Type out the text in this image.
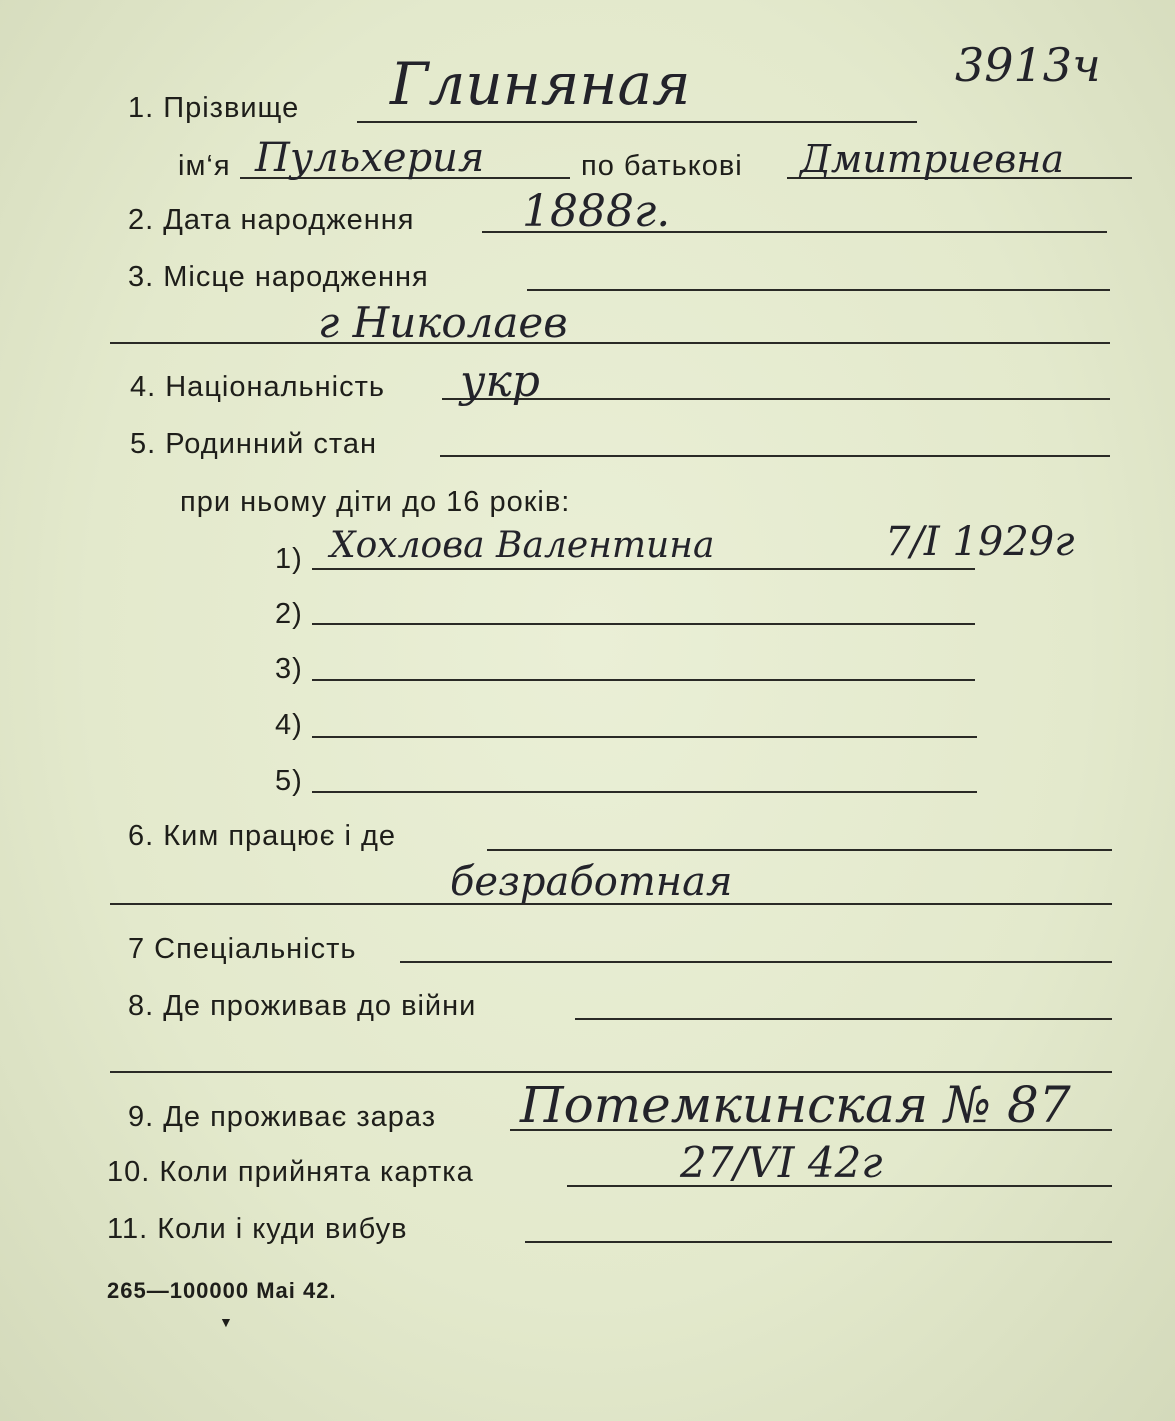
3913ч
1. Прізвище Глиняная
ім‘я Пульхерия	по батькові Дмитриевна
2. Дата народження 1888г.
3. Місце народження
г Николаев
4. Національність укр
5. Родинний стан
при ньому діти до 16 років:
1) Хохлова Валентина	7/I 1929г
2)
3)
4)
5)
6. Ким працює і де
безработная
7 Спеціальність
8. Де проживав до війни
9. Де проживає зараз Потемкинская № 87
10. Коли прийнята картка	27/VI 42г
11. Коли і куди вибув
265—100000 Mai 42.
▼
